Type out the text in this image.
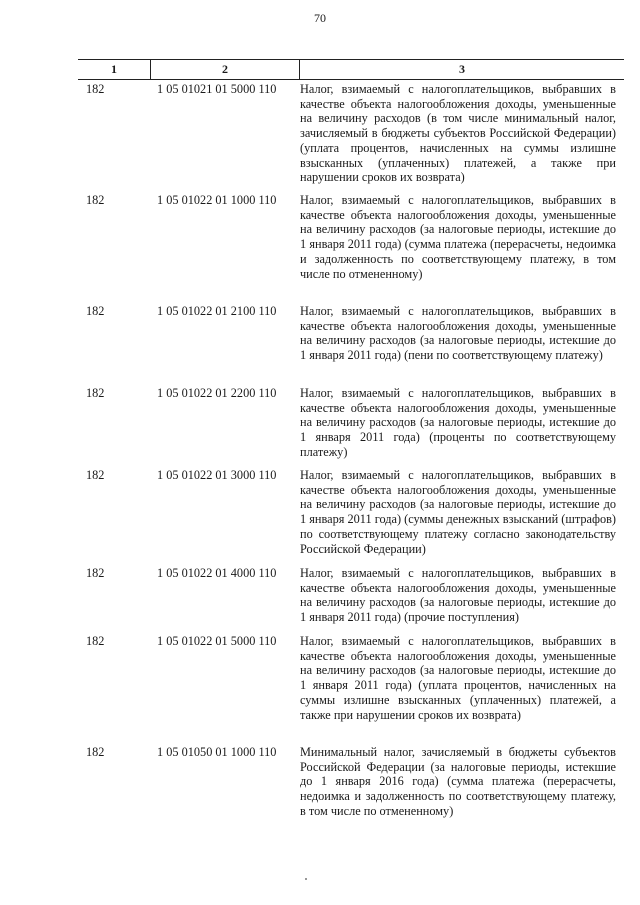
70
1	2	3
182	1 05 01021 01 5000 110	Налог, взимаемый с налогоплательщиков, выбравших в качестве объекта налогообложения доходы, уменьшенные на величину расходов (в том числе минимальный налог, зачисляемый в бюджеты субъектов Российской Федерации) (уплата процентов, начисленных на суммы излишне взысканных (уплаченных) платежей, а также при нарушении сроков их возврата)
182	1 05 01022 01 1000 110	Налог, взимаемый с налогоплательщиков, выбравших в качестве объекта налогообложения доходы, уменьшенные на величину расходов (за налоговые периоды, истекшие до 1 января 2011 года) (сумма платежа (перерасчеты, недоимка и задолженность по соответствующему платежу, в том числе по отмененному)
182	1 05 01022 01 2100 110	Налог, взимаемый с налогоплательщиков, выбравших в качестве объекта налогообложения доходы, уменьшенные на величину расходов (за налоговые периоды, истекшие до 1 января 2011 года) (пени по соответствующему платежу)
182	1 05 01022 01 2200 110	Налог, взимаемый с налогоплательщиков, выбравших в качестве объекта налогообложения доходы, уменьшенные на величину расходов (за налоговые периоды, истекшие до 1 января 2011 года) (проценты по соответствующему платежу)
182	1 05 01022 01 3000 110	Налог, взимаемый с налогоплательщиков, выбравших в качестве объекта налогообложения доходы, уменьшенные на величину расходов (за налоговые периоды, истекшие до 1 января 2011 года) (суммы денежных взысканий (штрафов) по соответствующему платежу согласно законодательству Российской Федерации)
182	1 05 01022 01 4000 110	Налог, взимаемый с налогоплательщиков, выбравших в качестве объекта налогообложения доходы, уменьшенные на величину расходов (за налоговые периоды, истекшие до 1 января 2011 года) (прочие поступления)
182	1 05 01022 01 5000 110	Налог, взимаемый с налогоплательщиков, выбравших в качестве объекта налогообложения доходы, уменьшенные на величину расходов (за налоговые периоды, истекшие до 1 января 2011 года) (уплата процентов, начисленных на суммы излишне взысканных (уплаченных) платежей, а также при нарушении сроков их возврата)
182	1 05 01050 01 1000 110	Минимальный налог, зачисляемый в бюджеты субъектов Российской Федерации (за налоговые периоды, истекшие до 1 января 2016 года) (сумма платежа (перерасчеты, недоимка и задолженность по соответствующему платежу, в том числе по отмененному)
